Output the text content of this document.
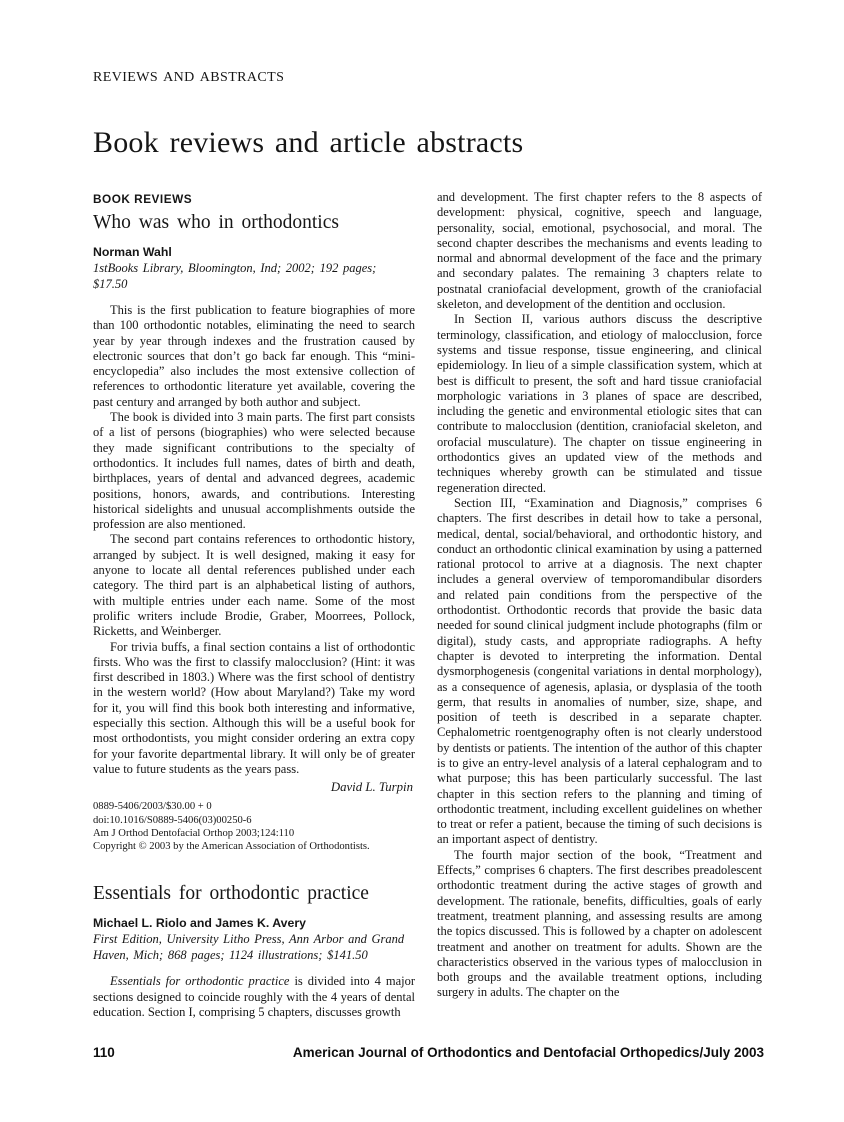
REVIEWS AND ABSTRACTS
Book reviews and article abstracts
BOOK REVIEWS
Who was who in orthodontics
Norman Wahl
1stBooks Library, Bloomington, Ind; 2002; 192 pages; $17.50

This is the first publication to feature biographies of more than 100 orthodontic notables, eliminating the need to search year by year through indexes and the frustration caused by electronic sources that don’t go back far enough. This “mini-encyclopedia” also includes the most extensive collection of references to orthodontic literature yet available, covering the past century and arranged by both author and subject.

The book is divided into 3 main parts. The first part consists of a list of persons (biographies) who were selected because they made significant contributions to the specialty of orthodontics. It includes full names, dates of birth and death, birthplaces, years of dental and advanced degrees, academic positions, honors, awards, and contributions. Interesting historical sidelights and unusual accomplishments outside the profession are also mentioned.

The second part contains references to orthodontic history, arranged by subject. It is well designed, making it easy for anyone to locate all dental references published under each category. The third part is an alphabetical listing of authors, with multiple entries under each name. Some of the most prolific writers include Brodie, Graber, Moorrees, Pollock, Ricketts, and Weinberger.

For trivia buffs, a final section contains a list of orthodontic firsts. Who was the first to classify malocclusion? (Hint: it was first described in 1803.) Where was the first school of dentistry in the western world? (How about Maryland?) Take my word for it, you will find this book both interesting and informative, especially this section. Although this will be a useful book for most orthodontists, you might consider ordering an extra copy for your favorite departmental library. It will only be of greater value to future students as the years pass.

David L. Turpin
0889-5406/2003/$30.00 + 0
doi:10.1016/S0889-5406(03)00250-6
Am J Orthod Dentofacial Orthop 2003;124:110
Copyright © 2003 by the American Association of Orthodontists.
Essentials for orthodontic practice
Michael L. Riolo and James K. Avery
First Edition, University Litho Press, Ann Arbor and Grand Haven, Mich; 868 pages; 1124 illustrations; $141.50

Essentials for orthodontic practice is divided into 4 major sections designed to coincide roughly with the 4 years of dental education. Section I, comprising 5 chapters, discusses growth

and development. The first chapter refers to the 8 aspects of development: physical, cognitive, speech and language, personality, social, emotional, psychosocial, and moral. The second chapter describes the mechanisms and events leading to normal and abnormal development of the face and the primary and secondary palates. The remaining 3 chapters relate to postnatal craniofacial development, growth of the craniofacial skeleton, and development of the dentition and occlusion.

In Section II, various authors discuss the descriptive terminology, classification, and etiology of malocclusion, force systems and tissue response, tissue engineering, and clinical epidemiology. In lieu of a simple classification system, which at best is difficult to present, the soft and hard tissue craniofacial morphologic variations in 3 planes of space are described, including the genetic and environmental etiologic sites that can contribute to malocclusion (dentition, craniofacial skeleton, and orofacial musculature). The chapter on tissue engineering in orthodontics gives an updated view of the methods and techniques whereby growth can be stimulated and tissue regeneration directed.

Section III, “Examination and Diagnosis,” comprises 6 chapters. The first describes in detail how to take a personal, medical, dental, social/behavioral, and orthodontic history, and conduct an orthodontic clinical examination by using a patterned rational protocol to arrive at a diagnosis. The next chapter includes a general overview of temporomandibular disorders and related pain conditions from the perspective of the orthodontist. Orthodontic records that provide the basic data needed for sound clinical judgment include photographs (film or digital), study casts, and appropriate radiographs. A hefty chapter is devoted to interpreting the information. Dental dysmorphogenesis (congenital variations in dental morphology), as a consequence of agenesis, aplasia, or dysplasia of the tooth germ, that results in anomalies of number, size, shape, and position of teeth is described in a separate chapter. Cephalometric roentgenography often is not clearly understood by dentists or patients. The intention of the author of this chapter is to give an entry-level analysis of a lateral cephalogram and to what purpose; this has been particularly successful. The last chapter in this section refers to the planning and timing of orthodontic treatment, including excellent guidelines on whether to treat or refer a patient, because the timing of such decisions is an important aspect of dentistry.

The fourth major section of the book, “Treatment and Effects,” comprises 6 chapters. The first describes preadolescent orthodontic treatment during the active stages of growth and development. The rationale, benefits, difficulties, goals of early treatment, treatment planning, and assessing results are among the topics discussed. This is followed by a chapter on adolescent treatment and another on treatment for adults. Shown are the characteristics observed in the various types of malocclusion in both groups and the available treatment options, including surgery in adults. The chapter on the

110	American Journal of Orthodontics and Dentofacial Orthopedics/July 2003
